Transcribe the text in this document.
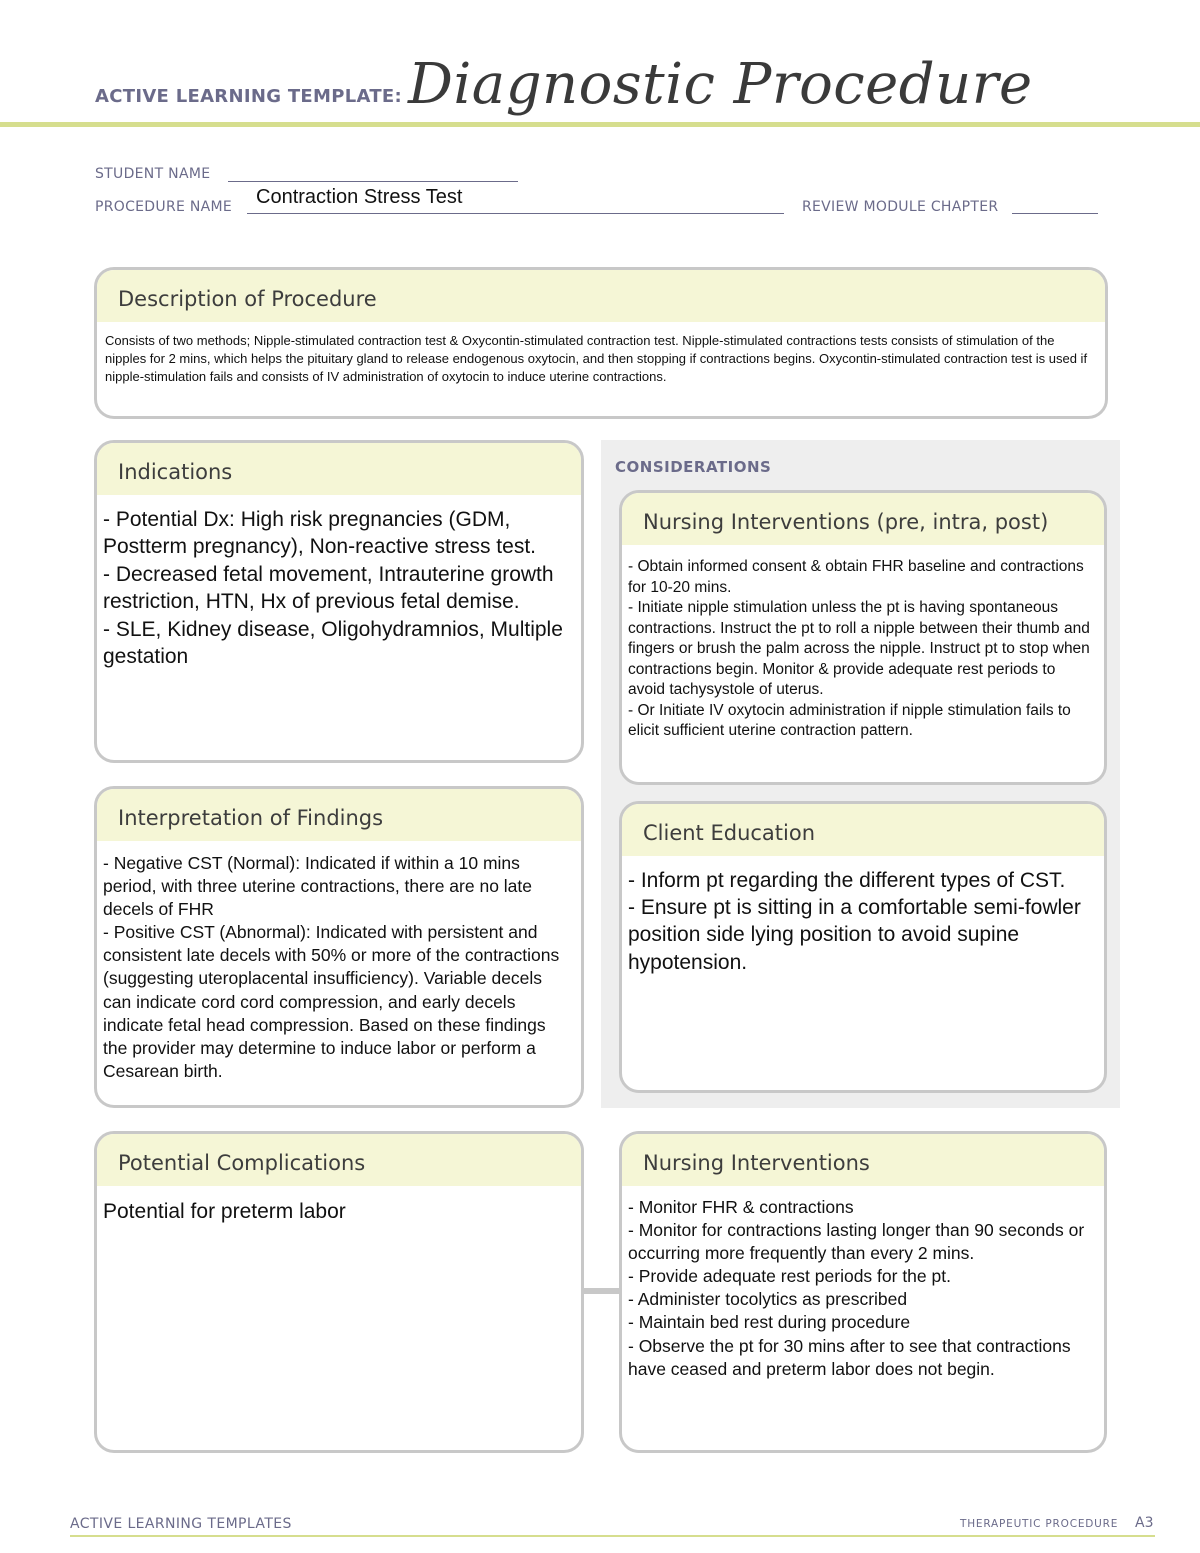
ACTIVE LEARNING TEMPLATE: Diagnostic Procedure
STUDENT NAME
PROCEDURE NAME Contraction Stress Test	REVIEW MODULE CHAPTER
Description of Procedure
Consists of two methods; Nipple-stimulated contraction test & Oxycontin-stimulated contraction test. Nipple-stimulated contractions tests consists of stimulation of the nipples for 2 mins, which helps the pituitary gland to release endogenous oxytocin, and then stopping if contractions begins. Oxycontin-stimulated contraction test is used if nipple-stimulation fails and consists of IV administration of oxytocin to induce uterine contractions.
CONSIDERATIONS
Indications
- Potential Dx: High risk pregnancies (GDM, Postterm pregnancy), Non-reactive stress test.
- Decreased fetal movement, Intrauterine growth restriction, HTN, Hx of previous fetal demise.
- SLE, Kidney disease, Oligohydramnios, Multiple gestation
Nursing Interventions (pre, intra, post)
- Obtain informed consent & obtain FHR baseline and contractions for 10-20 mins.
- Initiate nipple stimulation unless the pt is having spontaneous contractions. Instruct the pt to roll a nipple between their thumb and fingers or brush the palm across the nipple. Instruct pt to stop when contractions begin. Monitor & provide adequate rest periods to avoid tachysystole of uterus.
- Or Initiate IV oxytocin administration if nipple stimulation fails to elicit sufficient uterine contraction pattern.
Interpretation of Findings
- Negative CST (Normal): Indicated if within a 10 mins period, with three uterine contractions, there are no late decels of FHR
- Positive CST (Abnormal): Indicated with persistent and consistent late decels with 50% or more of the contractions (suggesting uteroplacental insufficiency). Variable decels can indicate cord cord compression, and early decels indicate fetal head compression. Based on these findings the provider may determine to induce labor or perform a Cesarean birth.
Client Education
- Inform pt regarding the different types of CST.
- Ensure pt is sitting in a comfortable semi-fowler position side lying position to avoid supine hypotension.
Potential Complications
Potential for preterm labor
Nursing Interventions
- Monitor FHR & contractions
- Monitor for contractions lasting longer than 90 seconds or occurring more frequently than every 2 mins.
- Provide adequate rest periods for the pt.
- Administer tocolytics as prescribed
- Maintain bed rest during procedure
- Observe the pt for 30 mins after to see that contractions have ceased and preterm labor does not begin.
ACTIVE LEARNING TEMPLATES	THERAPEUTIC PROCEDURE A3
